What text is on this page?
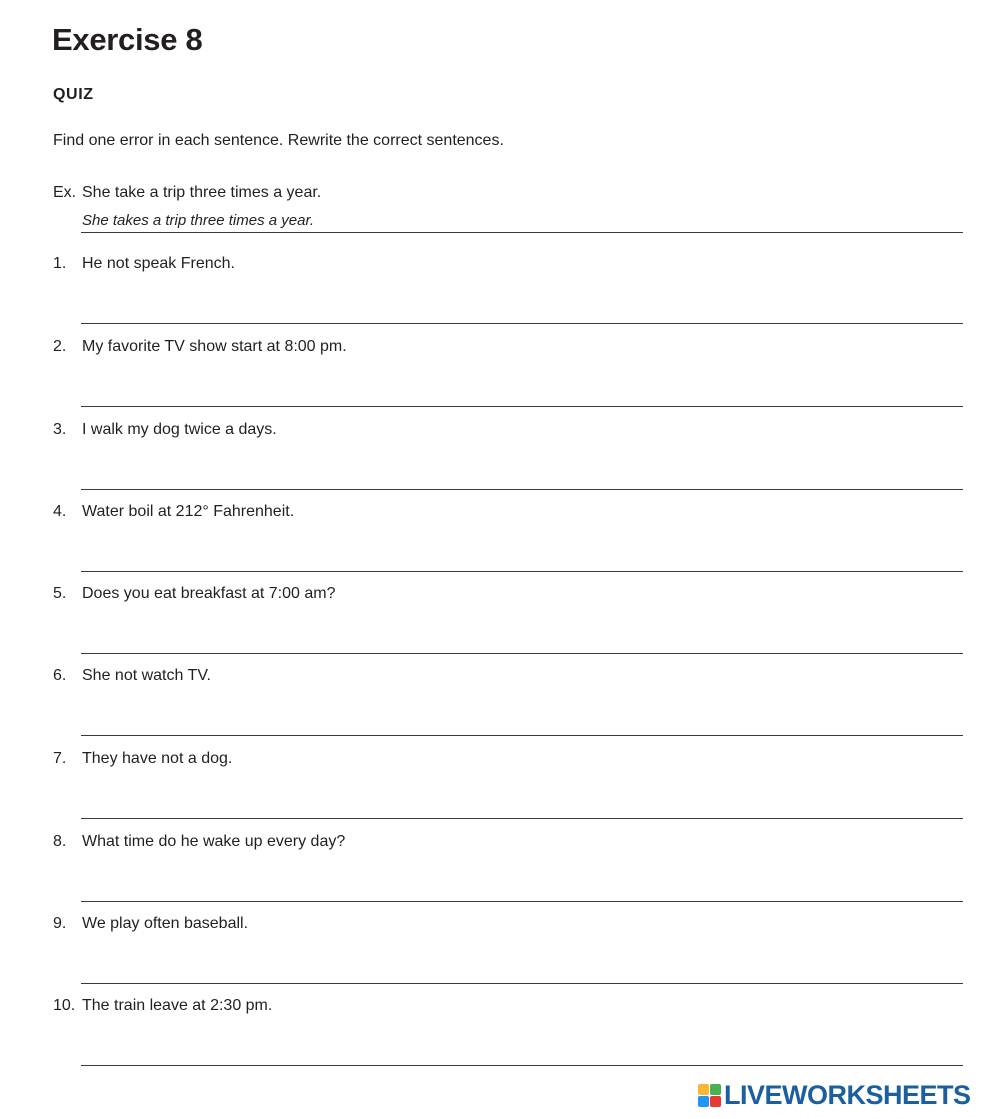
Exercise 8
QUIZ
Find one error in each sentence. Rewrite the correct sentences.
Ex. She take a trip three times a year.
She takes a trip three times a year.
1. He not speak French.
2. My favorite TV show start at 8:00 pm.
3. I walk my dog twice a days.
4. Water boil at 212° Fahrenheit.
5. Does you eat breakfast at 7:00 am?
6. She not watch TV.
7. They have not a dog.
8. What time do he wake up every day?
9. We play often baseball.
10. The train leave at 2:30 pm.
LIVEWORKSHEETS
